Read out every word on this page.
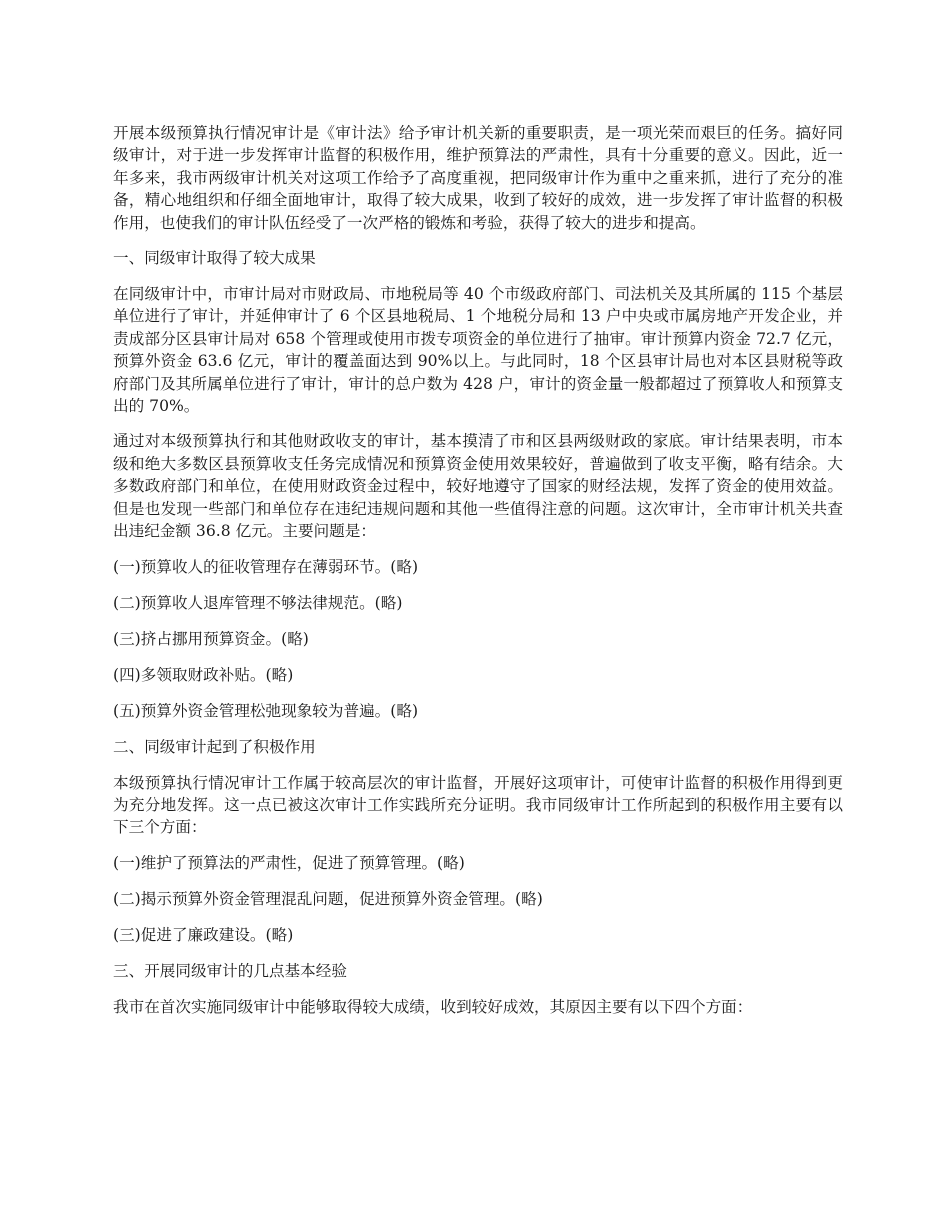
开展本级预算执行情况审计是《审计法》给予审计机关新的重要职责，是一项光荣而艰巨的任务。搞好同级审计，对于进一步发挥审计监督的积极作用，维护预算法的严肃性，具有十分重要的意义。因此，近一年多来，我市两级审计机关对这项工作给予了高度重视，把同级审计作为重中之重来抓，进行了充分的准备，精心地组织和仔细全面地审计，取得了较大成果，收到了较好的成效，进一步发挥了审计监督的积极作用，也使我们的审计队伍经受了一次严格的锻炼和考验，获得了较大的进步和提高。

一、同级审计取得了较大成果

在同级审计中，市审计局对市财政局、市地税局等 40 个市级政府部门、司法机关及其所属的 115 个基层单位进行了审计，并延伸审计了 6 个区县地税局、1 个地税分局和 13 户中央或市属房地产开发企业，并责成部分区县审计局对 658 个管理或使用市拨专项资金的单位进行了抽审。审计预算内资金 72.7 亿元，预算外资金 63.6 亿元，审计的覆盖面达到 90%以上。与此同时，18 个区县审计局也对本区县财税等政府部门及其所属单位进行了审计，审计的总户数为 428 户，审计的资金量一般都超过了预算收人和预算支出的 70%。

通过对本级预算执行和其他财政收支的审计，基本摸清了市和区县两级财政的家底。审计结果表明，市本级和绝大多数区县预算收支任务完成情况和预算资金使用效果较好，普遍做到了收支平衡，略有结余。大多数政府部门和单位，在使用财政资金过程中，较好地遵守了国家的财经法规，发挥了资金的使用效益。但是也发现一些部门和单位存在违纪违规问题和其他一些值得注意的问题。这次审计，全市审计机关共查出违纪金额 36.8 亿元。主要问题是：

(一)预算收人的征收管理存在薄弱环节。(略)

(二)预算收人退库管理不够法律规范。(略)

(三)挤占挪用预算资金。(略)

(四)多领取财政补贴。(略)

(五)预算外资金管理松弛现象较为普遍。(略)

二、同级审计起到了积极作用

本级预算执行情况审计工作属于较高层次的审计监督，开展好这项审计，可使审计监督的积极作用得到更为充分地发挥。这一点已被这次审计工作实践所充分证明。我市同级审计工作所起到的积极作用主要有以下三个方面：

(一)维护了预算法的严肃性，促进了预算管理。(略)

(二)揭示预算外资金管理混乱问题，促进预算外资金管理。(略)

(三)促进了廉政建设。(略)

三、开展同级审计的几点基本经验

我市在首次实施同级审计中能够取得较大成绩，收到较好成效，其原因主要有以下四个方面：
